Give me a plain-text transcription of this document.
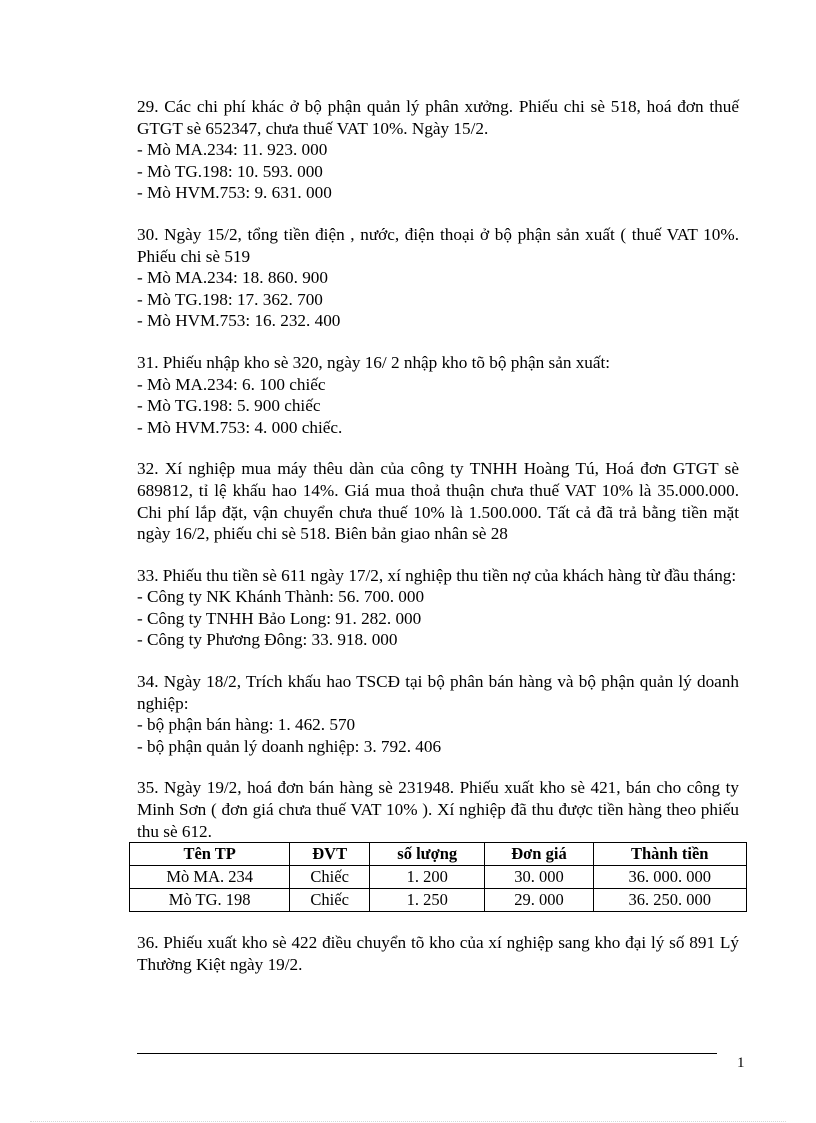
29. Các chi phí khác ở bộ phận quản lý phân xưởng. Phiếu chi sè 518, hoá đơn thuế GTGT sè 652347, chưa thuế VAT 10%. Ngày 15/2.

- Mò MA.234: 11. 923. 000

- Mò TG.198: 10. 593. 000

- Mò HVM.753: 9. 631. 000

30. Ngày 15/2, tổng tiền điện , nước, điện thoại ở bộ phận sản xuất ( thuế VAT 10%. Phiếu chi sè 519

- Mò MA.234: 18. 860. 900

- Mò TG.198: 17. 362. 700

- Mò HVM.753: 16. 232. 400

31. Phiếu nhập kho sè 320, ngày 16/ 2 nhập kho tõ bộ phận sản xuất:

- Mò MA.234: 6. 100 chiếc

- Mò TG.198: 5. 900 chiếc

- Mò HVM.753: 4. 000 chiếc.

32. Xí nghiệp mua máy thêu dàn của công ty TNHH Hoàng Tú, Hoá đơn GTGT sè 689812, tỉ lệ khấu hao 14%. Giá mua thoả thuận chưa thuế VAT 10% là 35.000.000. Chi phí lắp đặt, vận chuyển chưa thuế 10% là 1.500.000. Tất cả đã trả bằng tiền mặt ngày 16/2, phiếu chi sè 518. Biên bản giao nhân sè 28

33. Phiếu thu tiền sè 611 ngày 17/2, xí nghiệp thu tiền nợ của khách hàng từ đầu tháng:

- Công ty NK Khánh Thành: 56. 700. 000

- Công ty TNHH Bảo Long: 91. 282. 000

- Công ty Phương Đông: 33. 918. 000

34. Ngày 18/2, Trích khấu hao TSCĐ tại bộ phân bán hàng và bộ phận quản lý doanh nghiệp:

- bộ phận bán hàng: 1. 462. 570

- bộ phận quản lý doanh nghiệp: 3. 792. 406

35. Ngày 19/2, hoá đơn bán hàng sè 231948. Phiếu xuất kho sè 421, bán cho công ty Minh Sơn ( đơn giá chưa thuế VAT 10% ). Xí nghiệp đã thu được tiền hàng theo phiếu thu sè 612.

Tên TP	ĐVT	số lượng	Đơn giá	Thành tiền
Mò MA. 234	Chiếc	1. 200	30. 000	36. 000. 000
Mò TG. 198	Chiếc	1. 250	29. 000	36. 250. 000

36. Phiếu xuất kho sè 422 điều chuyển tõ kho của xí nghiệp sang kho đại lý số 891 Lý Thường Kiệt ngày 19/2.

1
